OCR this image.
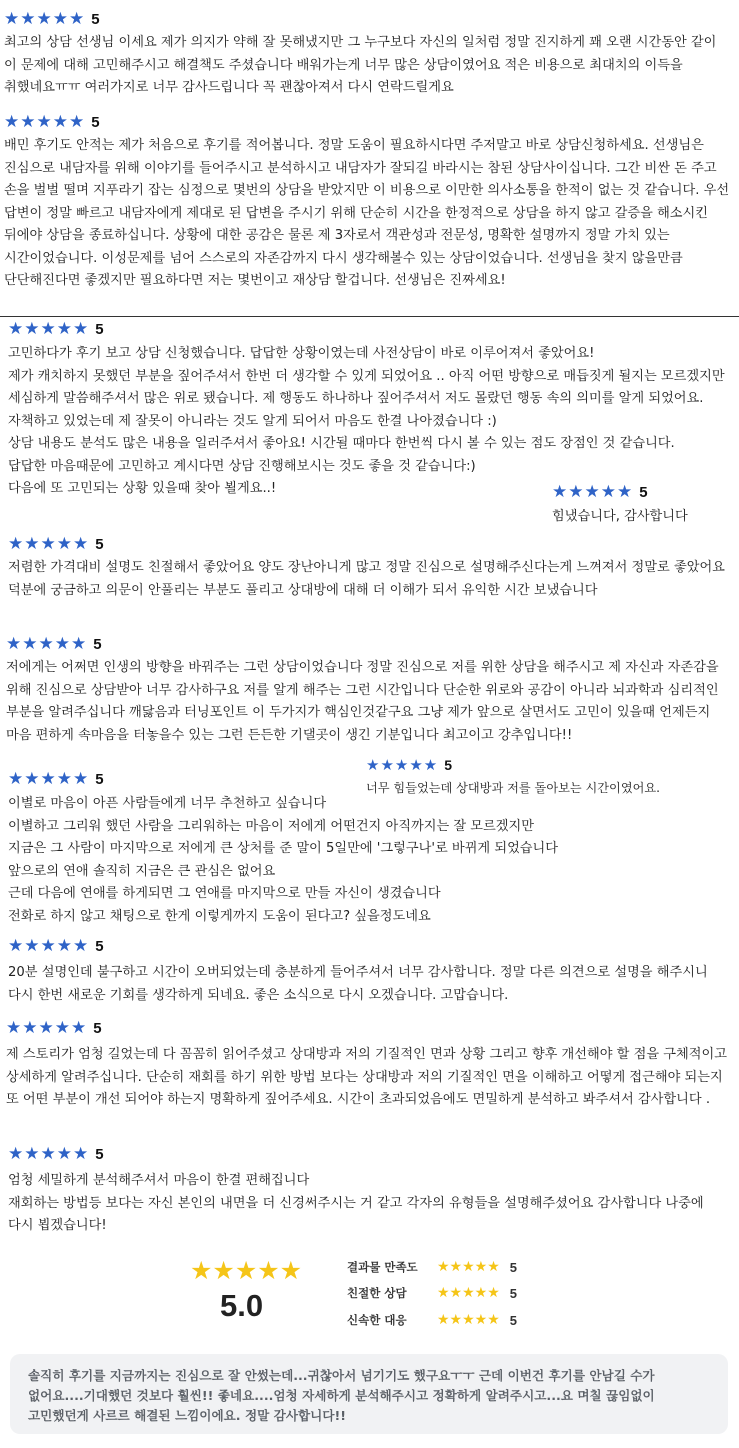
★★★★★ 5
최고의 상담 선생님 이세요 제가 의지가 약해 잘 못해냈지만 그 누구보다 자신의 일처럼 정말 진지하게 꽤 오랜 시간동안 같이 이 문제에 대해 고민해주시고 해결책도 주셨습니다 배워가는게 너무 많은 상담이였어요 적은 비용으로 최대치의 이득을 취했네요ㅠㅠ 여러가지로 너무 감사드립니다 꼭 괜찮아져서 다시 연락드릴게요
★★★★★ 5
배민 후기도 안적는 제가 처음으로 후기를 적어봅니다. 정말 도움이 필요하시다면 주저말고 바로 상담신청하세요. 선생님은 진심으로 내담자를 위해 이야기를 들어주시고 분석하시고 내담자가 잘되길 바라시는 참된 상담사이십니다. 그간 비싼 돈 주고 손을 벌벌 떨며 지푸라기 잡는 심정으로 몇번의 상담을 받았지만 이 비용으로 이만한 의사소통을 한적이 없는 것 같습니다. 우선 답변이 정말 빠르고 내담자에게 제대로 된 답변을 주시기 위해 단순히 시간을 한정적으로 상담을 하지 않고 갈증을 해소시킨 뒤에야 상담을 종료하십니다. 상황에 대한 공감은 물론 제 3자로서 객관성과 전문성, 명확한 설명까지 정말 가치 있는 시간이었습니다. 이성문제를 넘어 스스로의 자존감까지 다시 생각해볼수 있는 상담이었습니다. 선생님을 찾지 않을만큼 단단해진다면 좋겠지만 필요하다면 저는 몇번이고 재상담 할겁니다. 선생님은 진짜세요!
★★★★★ 5
고민하다가 후기 보고 상담 신청했습니다. 답답한 상황이였는데 사전상담이 바로 이루어져서 좋았어요!
제가 캐치하지 못했던 부분을 짚어주셔서 한번 더 생각할 수 있게 되었어요 .. 아직 어떤 방향으로 매듭짓게 될지는 모르겠지만 세심하게 말씀해주셔서 많은 위로 됐습니다. 제 행동도 하나하나 짚어주셔서 저도 몰랐던 행동 속의 의미를 알게 되었어요. 자책하고 있었는데 제 잘못이 아니라는 것도 알게 되어서 마음도 한결 나아졌습니다 :)
상담 내용도 분석도 많은 내용을 일러주셔서 좋아요! 시간될 때마다 한번씩 다시 볼 수 있는 점도 장점인 것 같습니다.
답답한 마음때문에 고민하고 계시다면 상담 진행해보시는 것도 좋을 것 같습니다:)
다음에 또 고민되는 상황 있을때 찾아 뵐게요..!	★★★★★ 5
힘냈습니다, 감사합니다
★★★★★ 5
저렴한 가격대비 설명도 친절해서 좋았어요 양도 장난아니게 많고 정말 진심으로 설명해주신다는게 느껴져서 정말로 좋았어요 덕분에 궁금하고 의문이 안풀리는 부분도 풀리고 상대방에 대해 더 이해가 되서 유익한 시간 보냈습니다
★★★★★ 5
저에게는 어쩌면 인생의 방향을 바꿔주는 그런 상담이었습니다 정말 진심으로 저를 위한 상담을 해주시고 제 자신과 자존감을 위해 진심으로 상담받아 너무 감사하구요 저를 알게 해주는 그런 시간입니다 단순한 위로와 공감이 아니라 뇌과학과 심리적인 부분을 알려주십니다 깨닳음과 터닝포인트 이 두가지가 핵심인것같구요 그냥 제가 앞으로 살면서도 고민이 있을때 언제든지 마음 편하게 속마음을 터놓을수 있는 그런 든든한 기댈곳이 생긴 기분입니다 최고이고 강추입니다!!
★★★★★ 5
너무 힘들었는데 상대방과 저를 돌아보는 시간이였어요.
★★★★★ 5
이별로 마음이 아픈 사람들에게 너무 추천하고 싶습니다
이별하고 그리워 했던 사람을 그리워하는 마음이 저에게 어떤건지 아직까지는 잘 모르겠지만
지금은 그 사람이 마지막으로 저에게 큰 상처를 준 말이 5일만에 '그렇구나'로 바뀌게 되었습니다
앞으로의 연애 솔직히 지금은 큰 관심은 없어요
근데 다음에 연애를 하게되면 그 연애를 마지막으로 만들 자신이 생겼습니다
전화로 하지 않고 채팅으로 한게 이렇게까지 도움이 된다고? 싶을정도네요
★★★★★ 5
20분 설명인데 불구하고 시간이 오버되었는데 충분하게 들어주셔서 너무 감사합니다. 정말 다른 의견으로 설명을 해주시니 다시 한번 새로운 기회를 생각하게 되네요. 좋은 소식으로 다시 오겠습니다. 고맙습니다.
★★★★★ 5
제 스토리가 엄청 길었는데 다 꼼꼼히 읽어주셨고 상대방과 저의 기질적인 면과 상황 그리고 향후 개선해야 할 점을 구체적이고 상세하게 알려주십니다. 단순히 재회를 하기 위한 방법 보다는 상대방과 저의 기질적인 면을 이해하고 어떻게 접근해야 되는지 또 어떤 부분이 개선 되어야 하는지 명확하게 짚어주세요. 시간이 초과되었음에도 면밀하게 분석하고 봐주셔서 감사합니다 .
★★★★★ 5
엄청 세밀하게 분석해주셔서 마음이 한결 편해집니다
재회하는 방법등 보다는 자신 본인의 내면을 더 신경써주시는 거 같고 각자의 유형들을 설명해주셨어요 감사합니다 나중에 다시 뵙겠습니다!
★★★★★
5.0
결과물 만족도	★★★★★ 5
친절한 상담	★★★★★ 5
신속한 대응	★★★★★ 5
솔직히 후기를 지금까지는 진심으로 잘 안썼는데...귀찮아서 넘기기도 했구요ㅜㅜ 근데 이번건 후기를 안남길 수가 없어요....기대했던 것보다 훨씬!! 좋네요....엄청 자세하게 분석해주시고 정확하게 알려주시고...요 며칠 끊임없이 고민했던게 사르르 해결된 느낌이에요. 정말 감사합니다!!
